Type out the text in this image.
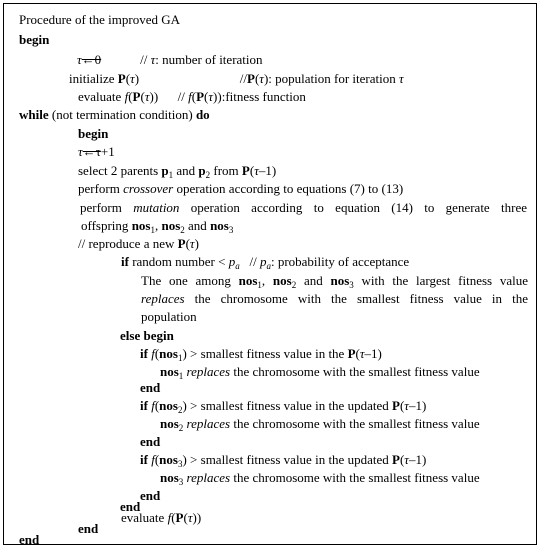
Procedure of the improved GA
begin
τ←0            // τ: number of iteration
initialize P(τ)                               //P(τ): population for iteration τ
evaluate f(P(τ))      // f(P(τ)):fitness function
while (not termination condition) do
begin
τ←τ+1
select 2 parents $p_1$ and $p_2$ from P(τ–1)
perform crossover operation according to equations (7) to (13)
perform mutation operation according to equation (14) to generate three
offspring nos$_1$, nos$_2$ and nos$_3$
// reproduce a new P(τ)
if random number < $p_a // p_a$: probability of acceptance
The one among nos$_1$, nos$_2$ and nos$_3$ with the largest fitness value
replaces the chromosome with the smallest fitness value in the
population
else begin
if f(nos$_1$) > smallest fitness value in the P(τ–1)
nos$_1$ replaces the chromosome with the smallest fitness value
end
if f(nos$_2$) > smallest fitness value in the updated P(τ–1)
nos$_2$ replaces the chromosome with the smallest fitness value
end
if f(nos$_3$) > smallest fitness value in the updated P(τ–1)
nos$_3$ replaces the chromosome with the smallest fitness value
end
end
evaluate f(P(τ))
end
end
